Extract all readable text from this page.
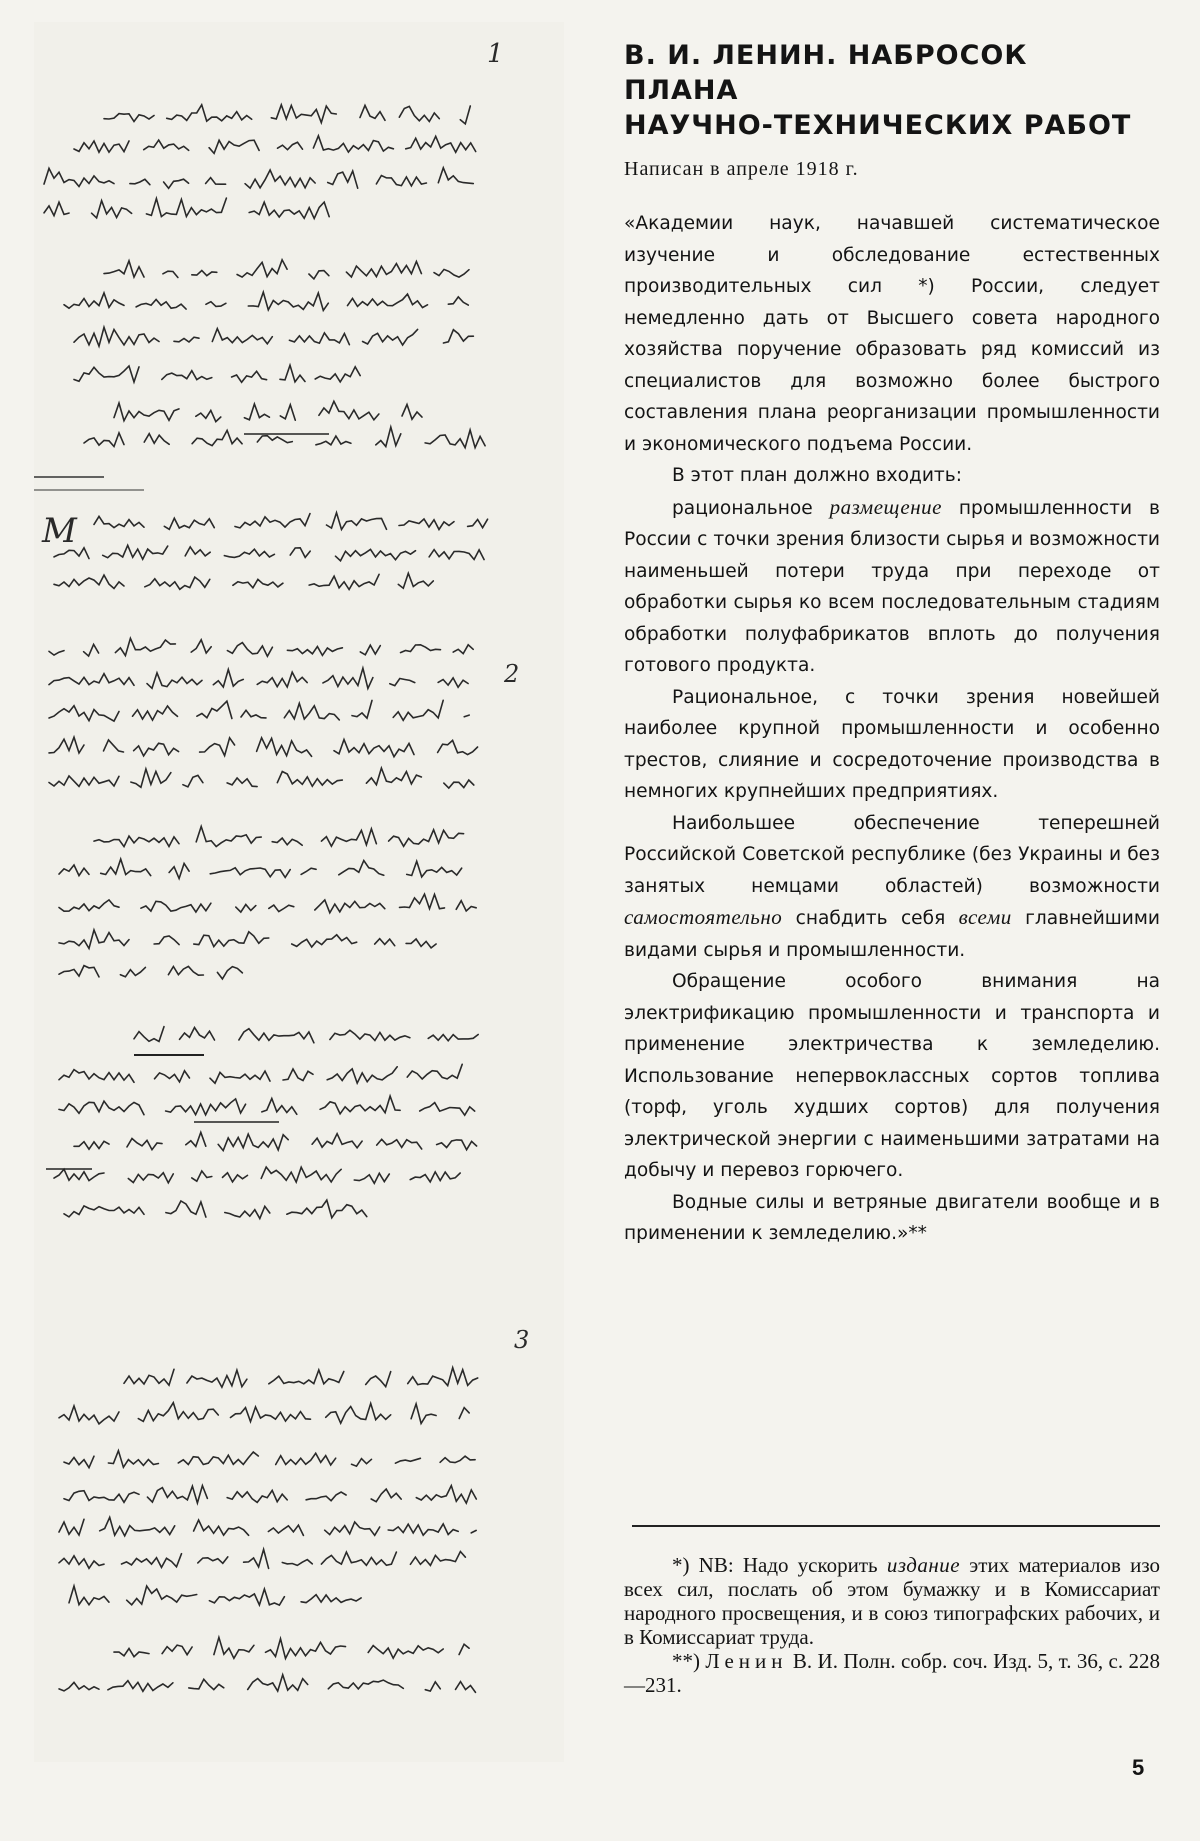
1
2
3
М
В. И. ЛЕНИН. НАБРОСОК ПЛАНА
НАУЧНО-ТЕХНИЧЕСКИХ РАБОТ
Написан в апреле 1918 г.

«Академии наук, начавшей систематическое изучение и обследование естественных производительных сил *) России, следует немедленно дать от Высшего совета народного хозяйства поручение образовать ряд комиссий из специалистов для возможно более быстрого составления плана реорганизации промышленности и экономического подъема России.

В этот план должно входить:

рациональное размещение промышленности в России с точки зрения близости сырья и возможности наименьшей потери труда при переходе от обработки сырья ко всем последовательным стадиям обработки полуфабрикатов вплоть до получения готового продукта.

Рациональное, с точки зрения новейшей наиболее крупной промышленности и особенно трестов, слияние и сосредоточение производства в немногих крупнейших предприятиях.

Наибольшее обеспечение теперешней Российской Советской республике (без Украины и без занятых немцами областей) возможности самостоятельно снабдить себя всеми главнейшими видами сырья и промышленности.

Обращение особого внимания на электрификацию промышленности и транспорта и применение электричества к земледелию. Использование непервоклассных сортов топлива (торф, уголь худших сортов) для получения электрической энергии с наименьшими затратами на добычу и перевоз горючего.

Водные силы и ветряные двигатели вообще и в применении к земледелию.»**

*) NB: Надо ускорить издание этих материалов изо всех сил, послать об этом бумажку и в Комиссариат народного просвещения, и в союз типографских рабочих, и в Комиссариат труда.

**) Ленин В. И. Полн. собр. соч. Изд. 5, т. 36, с. 228—231.

5
